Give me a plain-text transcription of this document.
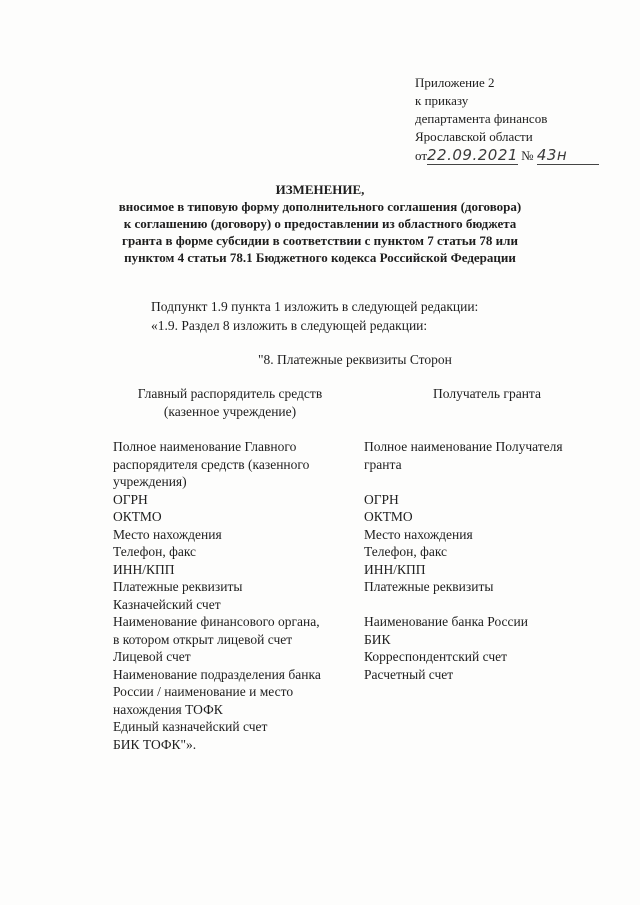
Приложение 2
к приказу
департамента финансов
Ярославской области
от22.09.2021 № 43н
ИЗМЕНЕНИЕ,
вносимое в типовую форму дополнительного соглашения (договора)
к соглашению (договору) о предоставлении из областного бюджета
гранта в форме субсидии в соответствии с пунктом 7 статьи 78 или
пунктом 4 статьи 78.1 Бюджетного кодекса Российской Федерации
Подпункт 1.9 пункта 1 изложить в следующей редакции:
«1.9. Раздел 8 изложить в следующей редакции:
"8. Платежные реквизиты Сторон
Главный распорядитель средств
(казенное учреждение)
Получатель гранта
Полное наименование Главного
распорядителя средств (казенного
учреждения)
ОГРН
ОКТМО
Место нахождения
Телефон, факс
ИНН/КПП
Платежные реквизиты
Казначейский счет
Наименование финансового органа,
в котором открыт лицевой счет
Лицевой счет
Наименование подразделения банка
России / наименование и место
нахождения ТОФК
Единый казначейский счет
БИК ТОФК"».
Полное наименование Получателя
гранта
ОГРН
ОКТМО
Место нахождения
Телефон, факс
ИНН/КПП
Платежные реквизиты
Наименование банка России
БИК
Корреспондентский счет
Расчетный счет
